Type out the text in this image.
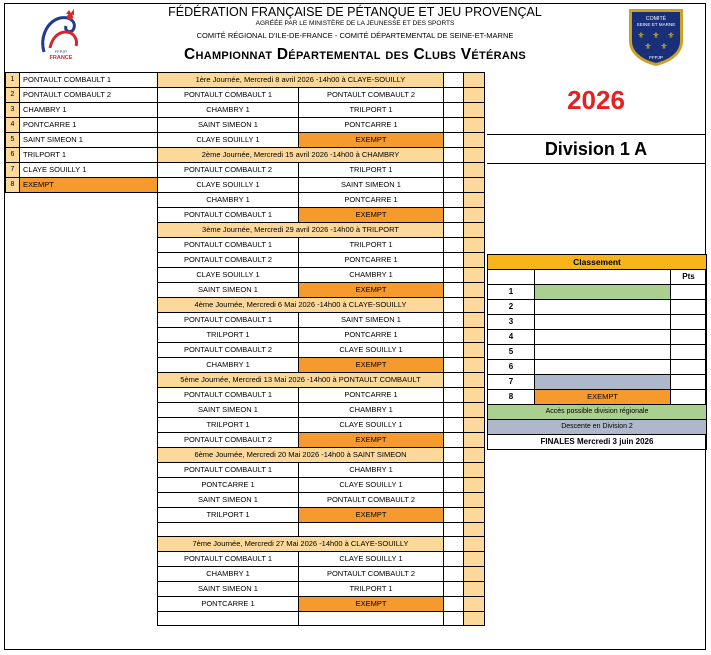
FRANCE
FFPJP
COMITÉ
SEINE ET MARNE
⚜ ⚜ ⚜
⚜ ⚜
FFPJP
FÉDÉRATION FRANÇAISE DE PÉTANQUE ET JEU PROVENÇAL
AGRÉÉE PAR LE MINISTÈRE DE LA JEUNESSE ET DES SPORTS
COMITÉ RÉGIONAL D'ILE-DE-FRANCE - COMITÉ DÉPARTEMENTAL DE SEINE-ET-MARNE
Championnat Départemental des Clubs Vétérans
1	PONTAULT COMBAULT 1
2	PONTAULT COMBAULT 2
3	CHAMBRY 1
4	PONTCARRE 1
5	SAINT SIMEON 1
6	TRILPORT 1
7	CLAYE SOUILLY 1
8	EXEMPT
1ère Journée, Mercredi 8 avril 2026 -14h00 à CLAYE-SOUILLY			
PONTAULT COMBAULT 1	PONTAULT COMBAULT 2		
CHAMBRY 1	TRILPORT 1		
SAINT SIMEON 1	PONTCARRE 1		
CLAYE SOUILLY 1	EXEMPT		
2ème Journée, Mercredi 15 avril 2026 -14h00 à CHAMBRY			
PONTAULT COMBAULT 2	TRILPORT 1		
CLAYE SOUILLY 1	SAINT SIMEON 1		
CHAMBRY 1	PONTCARRE 1		
PONTAULT COMBAULT 1	EXEMPT		
3ème Journée, Mercredi 29 avril 2026 -14h00 à TRILPORT			
PONTAULT COMBAULT 1	TRILPORT 1		
PONTAULT COMBAULT 2	PONTCARRE 1		
CLAYE SOUILLY 1	CHAMBRY 1		
SAINT SIMEON 1	EXEMPT		
4ème Journée, Mercredi 6 Mai 2026 -14h00 à CLAYE-SOUILLY			
PONTAULT COMBAULT 1	SAINT SIMEON 1		
TRILPORT 1	PONTCARRE 1		
PONTAULT COMBAULT 2	CLAYE SOUILLY 1		
CHAMBRY 1	EXEMPT		
5ème Journée, Mercredi 13 Mai 2026 -14h00 à PONTAULT COMBAULT			
PONTAULT COMBAULT 1	PONTCARRE 1		
SAINT SIMEON 1	CHAMBRY 1		
TRILPORT 1	CLAYE SOUILLY 1		
PONTAULT COMBAULT 2	EXEMPT		
6ème Journée, Mercredi 20 Mai 2026 -14h00 à SAINT SIMEON			
PONTAULT COMBAULT 1	CHAMBRY 1		
PONTCARRE 1	CLAYE SOUILLY 1		
SAINT SIMEON 1	PONTAULT COMBAULT 2		
TRILPORT 1	EXEMPT		

7ème Journée, Mercredi 27 Mai 2026 -14h00 à CLAYE-SOUILLY			
PONTAULT COMBAULT 1	CLAYE SOUILLY 1		
CHAMBRY 1	PONTAULT COMBAULT 2		
SAINT SIMEON 1	TRILPORT 1		
PONTCARRE 1	EXEMPT		

2026
Division 1 A
Classement		
		Pts
1		
2		
3		
4		
5		
6		
7		
8	EXEMPT	
Accès possible division régionale		
Descente en Division 2		
FINALES Mercredi 3 juin 2026		
